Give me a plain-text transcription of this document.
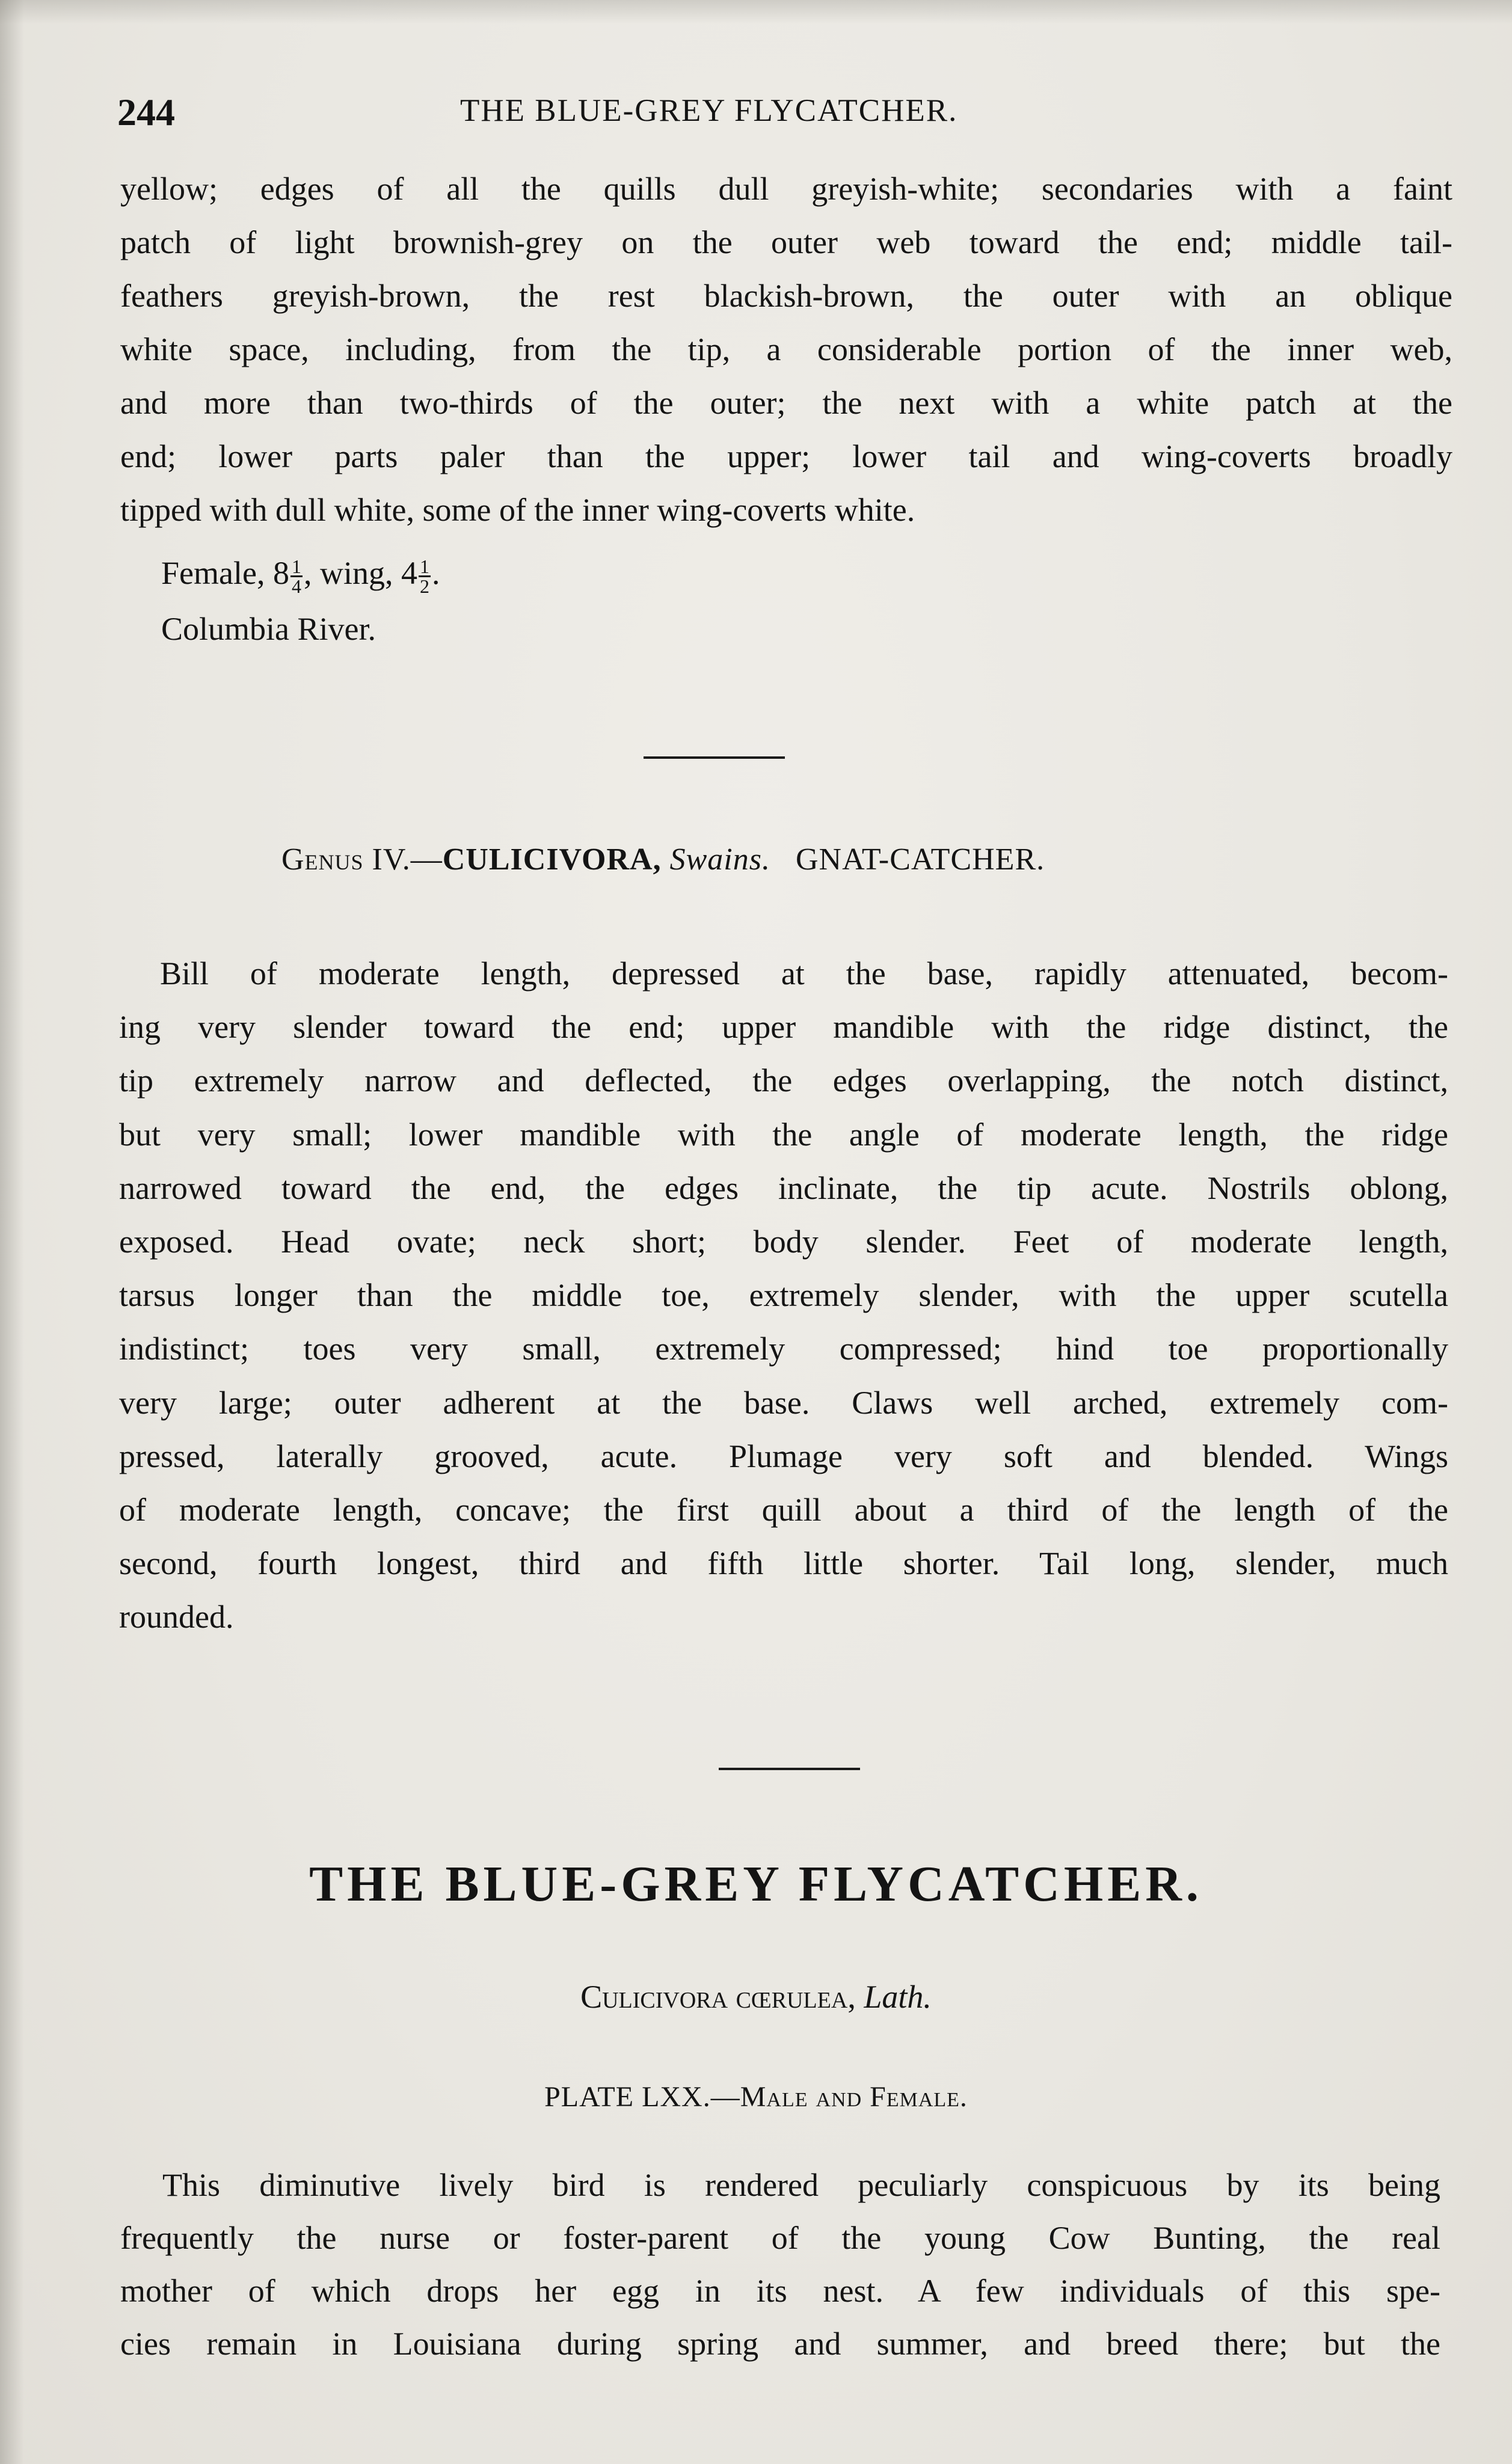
244	THE BLUE-GREY FLYCATCHER.
yellow; edges of all the quills dull greyish-white; secondaries with a faint
patch of light brownish-grey on the outer web toward the end; middle tail-
feathers greyish-brown, the rest blackish-brown, the outer with an oblique
white space, including, from the tip, a considerable portion of the inner web,
and more than two-thirds of the outer; the next with a white patch at the
end; lower parts paler than the upper; lower tail and wing-coverts broadly
tipped with dull white, some of the inner wing-coverts white.
Female, $8 \frac{1}{4}$ , wing, $4 \frac{1}{2}$ .
Columbia River.
Genus IV.—CULICIVORA, Swains. GNAT-CATCHER.
Bill of moderate length, depressed at the base, rapidly attenuated, becom-
ing very slender toward the end; upper mandible with the ridge distinct, the
tip extremely narrow and deflected, the edges overlapping, the notch distinct,
but very small; lower mandible with the angle of moderate length, the ridge
narrowed toward the end, the edges inclinate, the tip acute. Nostrils oblong,
exposed. Head ovate; neck short; body slender. Feet of moderate length,
tarsus longer than the middle toe, extremely slender, with the upper scutella
indistinct; toes very small, extremely compressed; hind toe proportionally
very large; outer adherent at the base. Claws well arched, extremely com-
pressed, laterally grooved, acute. Plumage very soft and blended. Wings
of moderate length, concave; the first quill about a third of the length of the
second, fourth longest, third and fifth little shorter. Tail long, slender, much
rounded.
THE BLUE-GREY FLYCATCHER.
Culicivora cœrulea, Lath.
PLATE LXX.—Male and Female.
This diminutive lively bird is rendered peculiarly conspicuous by its being
frequently the nurse or foster-parent of the young Cow Bunting, the real
mother of which drops her egg in its nest. A few individuals of this spe-
cies remain in Louisiana during spring and summer, and breed there; but the
